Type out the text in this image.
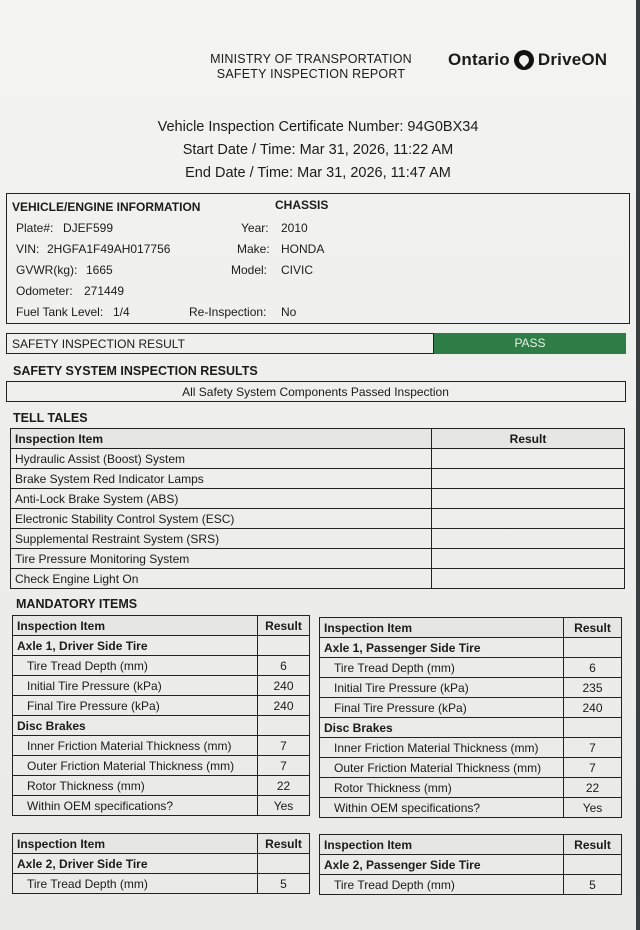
MINISTRY OF TRANSPORTATION
SAFETY INSPECTION REPORT
Ontario DriveON
Vehicle Inspection Certificate Number: 94G0BX34
Start Date / Time: Mar 31, 2026, 11:22 AM
End Date / Time: Mar 31, 2026, 11:47 AM
VEHICLE/ENGINE INFORMATION	CHASSIS
Plate#: DJEF599
VIN: 2HGFA1F49AH017756
GVWR(kg): 1665
Odometer: 271449
Fuel Tank Level: 1/4
Year: 2010
Make: HONDA
Model: CIVIC
Re-Inspection: No
SAFETY INSPECTION RESULT	PASS
SAFETY SYSTEM INSPECTION RESULTS
All Safety System Components Passed Inspection
TELL TALES
Inspection Item	Result
Hydraulic Assist (Boost) System	
Brake System Red Indicator Lamps	
Anti-Lock Brake System (ABS)	
Electronic Stability Control System (ESC)	
Supplemental Restraint System (SRS)	
Tire Pressure Monitoring System	
Check Engine Light On	
MANDATORY ITEMS
Inspection Item	Result
Axle 1, Driver Side Tire	
Tire Tread Depth (mm)	6
Initial Tire Pressure (kPa)	240
Final Tire Pressure (kPa)	240
Disc Brakes	
Inner Friction Material Thickness (mm)	7
Outer Friction Material Thickness (mm)	7
Rotor Thickness (mm)	22
Within OEM specifications?	Yes
Inspection Item	Result
Axle 1, Passenger Side Tire	
Tire Tread Depth (mm)	6
Initial Tire Pressure (kPa)	235
Final Tire Pressure (kPa)	240
Disc Brakes	
Inner Friction Material Thickness (mm)	7
Outer Friction Material Thickness (mm)	7
Rotor Thickness (mm)	22
Within OEM specifications?	Yes
Inspection Item	Result
Axle 2, Driver Side Tire	
Tire Tread Depth (mm)	5
Inspection Item	Result
Axle 2, Passenger Side Tire	
Tire Tread Depth (mm)	5
